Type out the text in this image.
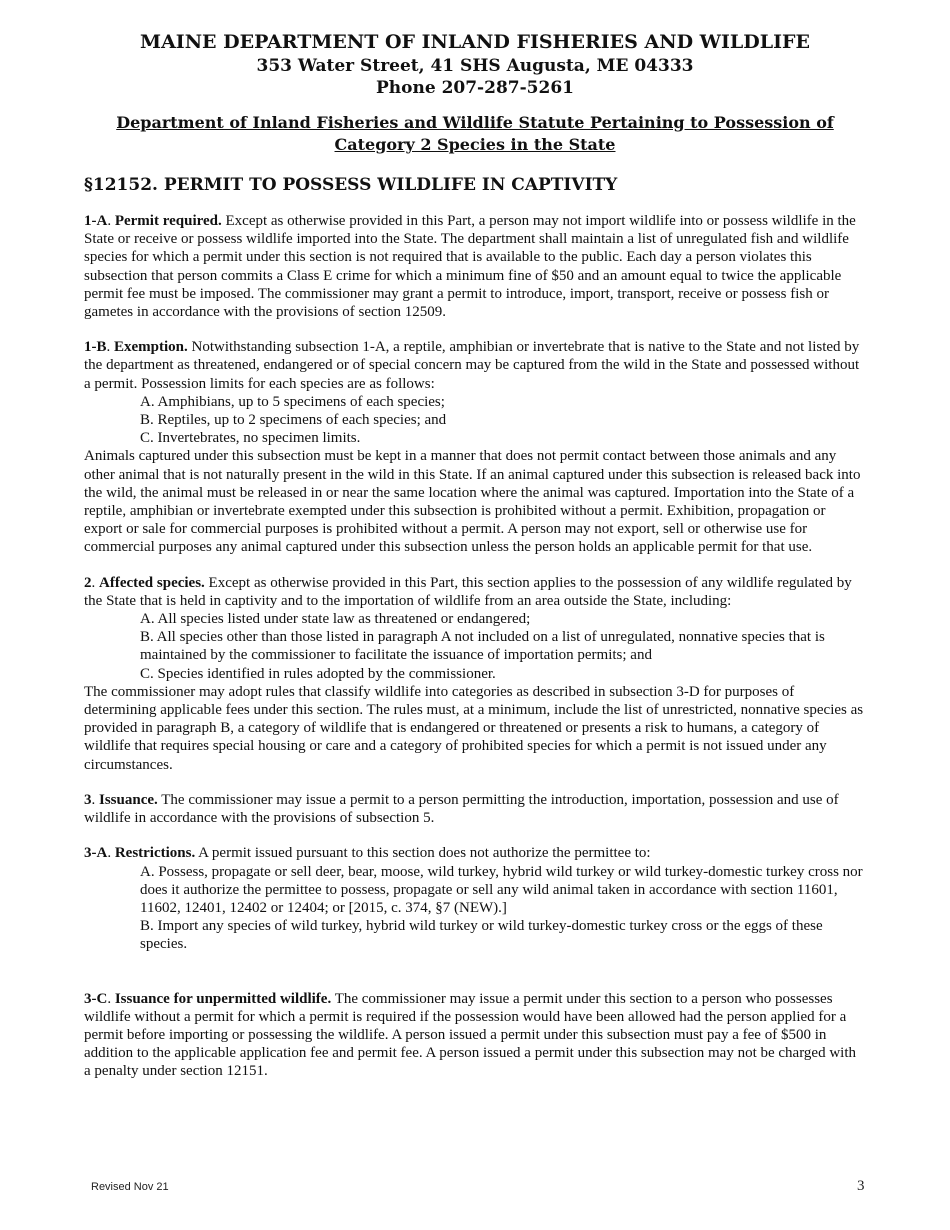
MAINE DEPARTMENT OF INLAND FISHERIES AND WILDLIFE
353 Water Street, 41 SHS Augusta, ME 04333
Phone 207-287-5261
Department of Inland Fisheries and Wildlife Statute Pertaining to Possession of Category 2 Species in the State
§12152. PERMIT TO POSSESS WILDLIFE IN CAPTIVITY
1-A. Permit required. Except as otherwise provided in this Part, a person may not import wildlife into or possess wildlife in the State or receive or possess wildlife imported into the State. The department shall maintain a list of unregulated fish and wildlife species for which a permit under this section is not required that is available to the public. Each day a person violates this subsection that person commits a Class E crime for which a minimum fine of $50 and an amount equal to twice the applicable permit fee must be imposed. The commissioner may grant a permit to introduce, import, transport, receive or possess fish or gametes in accordance with the provisions of section 12509.
1-B. Exemption. Notwithstanding subsection 1-A, a reptile, amphibian or invertebrate that is native to the State and not listed by the department as threatened, endangered or of special concern may be captured from the wild in the State and possessed without a permit. Possession limits for each species are as follows:
A. Amphibians, up to 5 specimens of each species;
B. Reptiles, up to 2 specimens of each species; and
C. Invertebrates, no specimen limits.
Animals captured under this subsection must be kept in a manner that does not permit contact between those animals and any other animal that is not naturally present in the wild in this State. If an animal captured under this subsection is released back into the wild, the animal must be released in or near the same location where the animal was captured. Importation into the State of a reptile, amphibian or invertebrate exempted under this subsection is prohibited without a permit. Exhibition, propagation or export or sale for commercial purposes is prohibited without a permit. A person may not export, sell or otherwise use for commercial purposes any animal captured under this subsection unless the person holds an applicable permit for that use.
2. Affected species. Except as otherwise provided in this Part, this section applies to the possession of any wildlife regulated by the State that is held in captivity and to the importation of wildlife from an area outside the State, including:
A. All species listed under state law as threatened or endangered;
B. All species other than those listed in paragraph A not included on a list of unregulated, nonnative species that is maintained by the commissioner to facilitate the issuance of importation permits; and
C. Species identified in rules adopted by the commissioner.
The commissioner may adopt rules that classify wildlife into categories as described in subsection 3-D for purposes of determining applicable fees under this section. The rules must, at a minimum, include the list of unrestricted, nonnative species as provided in paragraph B, a category of wildlife that is endangered or threatened or presents a risk to humans, a category of wildlife that requires special housing or care and a category of prohibited species for which a permit is not issued under any circumstances.
3. Issuance. The commissioner may issue a permit to a person permitting the introduction, importation, possession and use of wildlife in accordance with the provisions of subsection 5.
3-A. Restrictions. A permit issued pursuant to this section does not authorize the permittee to:
A. Possess, propagate or sell deer, bear, moose, wild turkey, hybrid wild turkey or wild turkey-domestic turkey cross nor does it authorize the permittee to possess, propagate or sell any wild animal taken in accordance with section 11601, 11602, 12401, 12402 or 12404; or [2015, c. 374, §7 (NEW).]
B. Import any species of wild turkey, hybrid wild turkey or wild turkey-domestic turkey cross or the eggs of these species.
3-C. Issuance for unpermitted wildlife. The commissioner may issue a permit under this section to a person who possesses wildlife without a permit for which a permit is required if the possession would have been allowed had the person applied for a permit before importing or possessing the wildlife. A person issued a permit under this subsection must pay a fee of $500 in addition to the applicable application fee and permit fee. A person issued a permit under this subsection may not be charged with a penalty under section 12151.
Revised Nov 21	3
